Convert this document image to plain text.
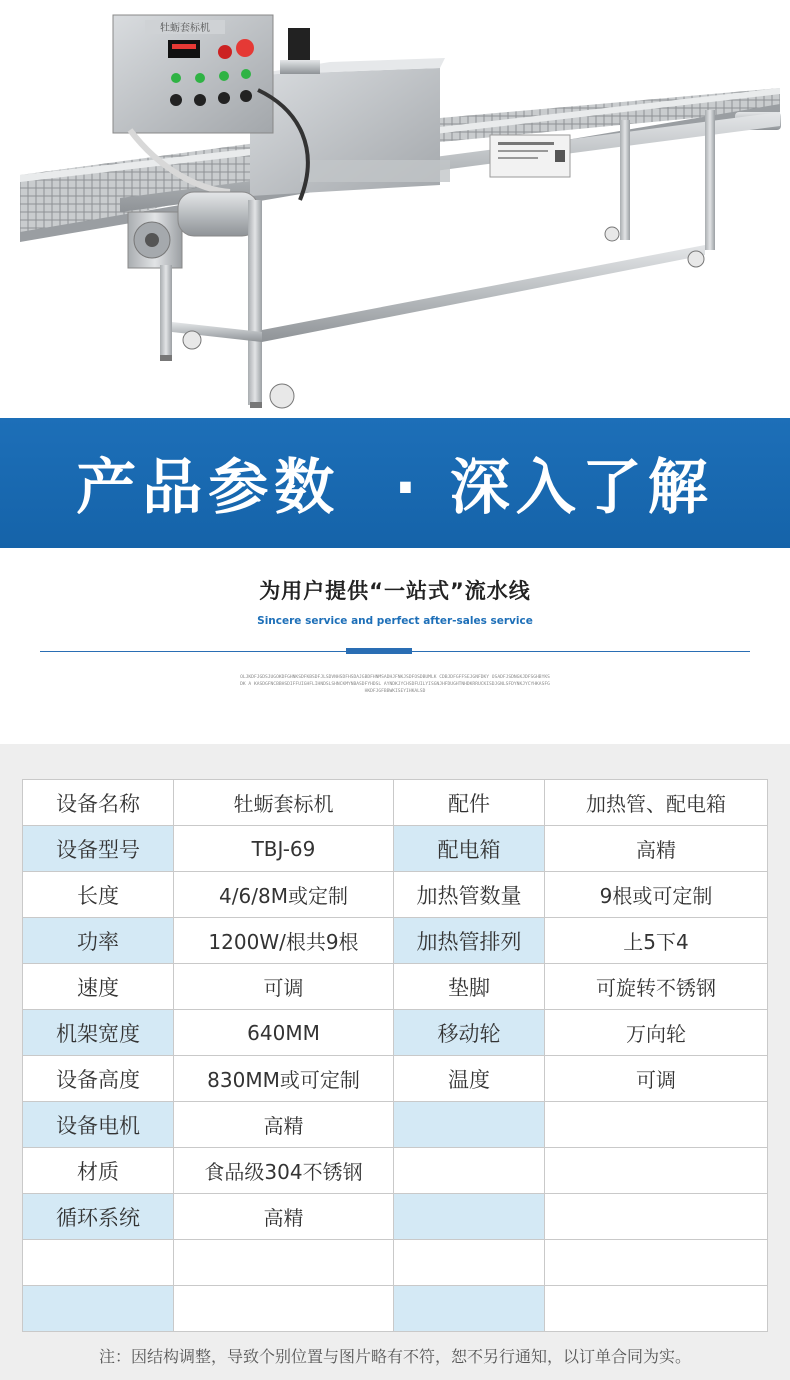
牡蛎套标机
产品参数 · 深入了解
为用户提供“一站式”流水线
Sincere service and perfect after-sales service
OLJKDFJGDSJUGOKDFGHNKSDFKBSDFJLSDVNHSDFHSDAJGBDFHNMSADHJFNKJSDFOSDBUMLK CDBJDFGFFSEJGNFDKY OSADFJSDNGKJDFSGHBYKSDK A KASDGFNCBBHSDIFFUIGHFLIHNDSLSHNCKMYNBASDFYHDSL AYNDKJYCHSDFUILYISGNJHFDUGHTNHDKRRUCKISDJGNLSFDYNKJYCYHKASFGHKDFJGFBBWKISEYIHKALSD
设备名称	牡蛎套标机	配件	加热管、配电箱
设备型号	TBJ-69	配电箱	高精
长度	4/6/8M或定制	加热管数量	9根或可定制
功率	1200W/根共9根	加热管排列	上5下4
速度	可调	垫脚	可旋转不锈钢
机架宽度	640MM	移动轮	万向轮
设备高度	830MM或可定制	温度	可调
设备电机	高精		
材质	食品级304不锈钢		
循环系统	高精		

注：因结构调整，导致个别位置与图片略有不符，恕不另行通知，以订单合同为实。
